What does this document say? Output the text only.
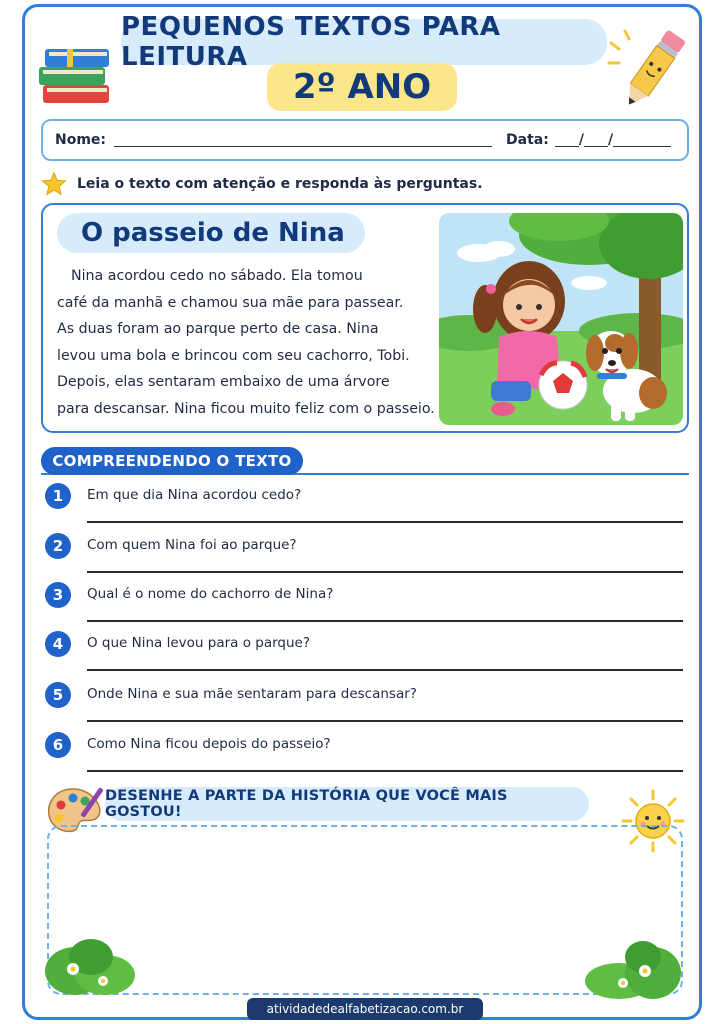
PEQUENOS TEXTOS PARA LEITURA
2º ANO
Nome:	Data: / /
Leia o texto com atenção e responda às perguntas.
O passeio de Nina
Nina acordou cedo no sábado. Ela tomou
café da manhã e chamou sua mãe para passear.
As duas foram ao parque perto de casa. Nina
levou uma bola e brincou com seu cachorro, Tobi.
Depois, elas sentaram embaixo de uma árvore
para descansar. Nina ficou muito feliz com o passeio.
COMPREENDENDO O TEXTO
1	Em que dia Nina acordou cedo?
2	Com quem Nina foi ao parque?
3	Qual é o nome do cachorro de Nina?
4	O que Nina levou para o parque?
5	Onde Nina e sua mãe sentaram para descansar?
6	Como Nina ficou depois do passeio?
DESENHE A PARTE DA HISTÓRIA QUE VOCÊ MAIS GOSTOU!
atividadedealfabetizacao.com.br
